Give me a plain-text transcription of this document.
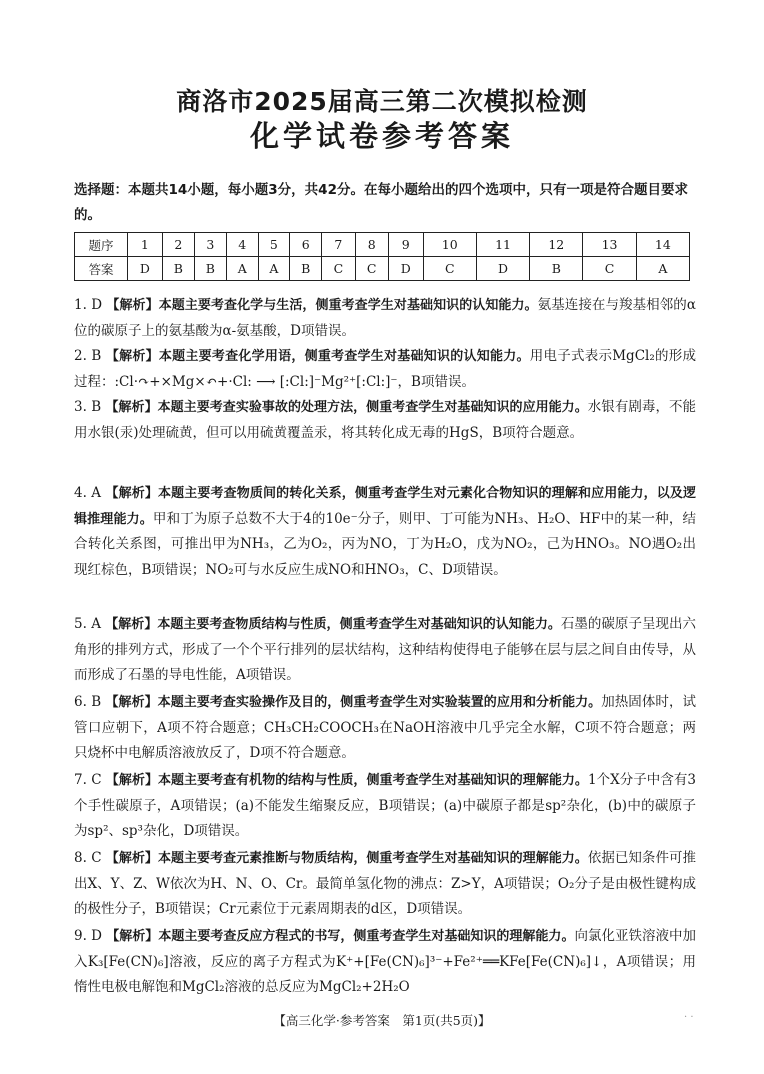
商洛市2025届高三第二次模拟检测
化学试卷参考答案
选择题：本题共14小题，每小题3分，共42分。在每小题给出的四个选项中，只有一项是符合题目要求的。
题序	1	2	3	4	5	6	7	8	9	10	11	12	13	14
答案	D	B	B	A	A	B	C	C	D	C	D	B	C	A
1. D 【解析】本题主要考查化学与生活，侧重考查学生对基础知识的认知能力。氨基连接在与羧基相邻的α位的碳原子上的氨基酸为α-氨基酸，D项错误。
2. B 【解析】本题主要考查化学用语，侧重考查学生对基础知识的认知能力。用电子式表示MgCl₂的形成过程：:Cl·↷+×Mg×↶+·Cl: ⟶ [:Cl:]⁻Mg²⁺[:Cl:]⁻，B项错误。
3. B 【解析】本题主要考查实验事故的处理方法，侧重考查学生对基础知识的应用能力。水银有剧毒，不能用水银(汞)处理硫黄，但可以用硫黄覆盖汞，将其转化成无毒的HgS，B项符合题意。
4. A 【解析】本题主要考查物质间的转化关系，侧重考查学生对元素化合物知识的理解和应用能力，以及逻辑推理能力。甲和丁为原子总数不大于4的10e⁻分子，则甲、丁可能为NH₃、H₂O、HF中的某一种，结合转化关系图，可推出甲为NH₃，乙为O₂，丙为NO，丁为H₂O，戊为NO₂，己为HNO₃。NO遇O₂出现红棕色，B项错误；NO₂可与水反应生成NO和HNO₃，C、D项错误。
5. A 【解析】本题主要考查物质结构与性质，侧重考查学生对基础知识的认知能力。石墨的碳原子呈现出六角形的排列方式，形成了一个个平行排列的层状结构，这种结构使得电子能够在层与层之间自由传导，从而形成了石墨的导电性能，A项错误。
6. B 【解析】本题主要考查实验操作及目的，侧重考查学生对实验装置的应用和分析能力。加热固体时，试管口应朝下，A项不符合题意；CH₃CH₂COOCH₃在NaOH溶液中几乎完全水解，C项不符合题意；两只烧杯中电解质溶液放反了，D项不符合题意。
7. C 【解析】本题主要考查有机物的结构与性质，侧重考查学生对基础知识的理解能力。1个X分子中含有3个手性碳原子，A项错误；(a)不能发生缩聚反应，B项错误；(a)中碳原子都是sp²杂化，(b)中的碳原子为sp²、sp³杂化，D项错误。
8. C 【解析】本题主要考查元素推断与物质结构，侧重考查学生对基础知识的理解能力。依据已知条件可推出X、Y、Z、W依次为H、N、O、Cr。最简单氢化物的沸点：Z>Y，A项错误；O₂分子是由极性键构成的极性分子，B项错误；Cr元素位于元素周期表的d区，D项错误。
9. D 【解析】本题主要考查反应方程式的书写，侧重考查学生对基础知识的理解能力。向氯化亚铁溶液中加入K₃[Fe(CN)₆]溶液，反应的离子方程式为K⁺+[Fe(CN)₆]³⁻+Fe²⁺══KFe[Fe(CN)₆]↓，A项错误；用惰性电极电解饱和MgCl₂溶液的总反应为MgCl₂+2H₂O
【高三化学·参考答案　第1页(共5页)】	· ·
